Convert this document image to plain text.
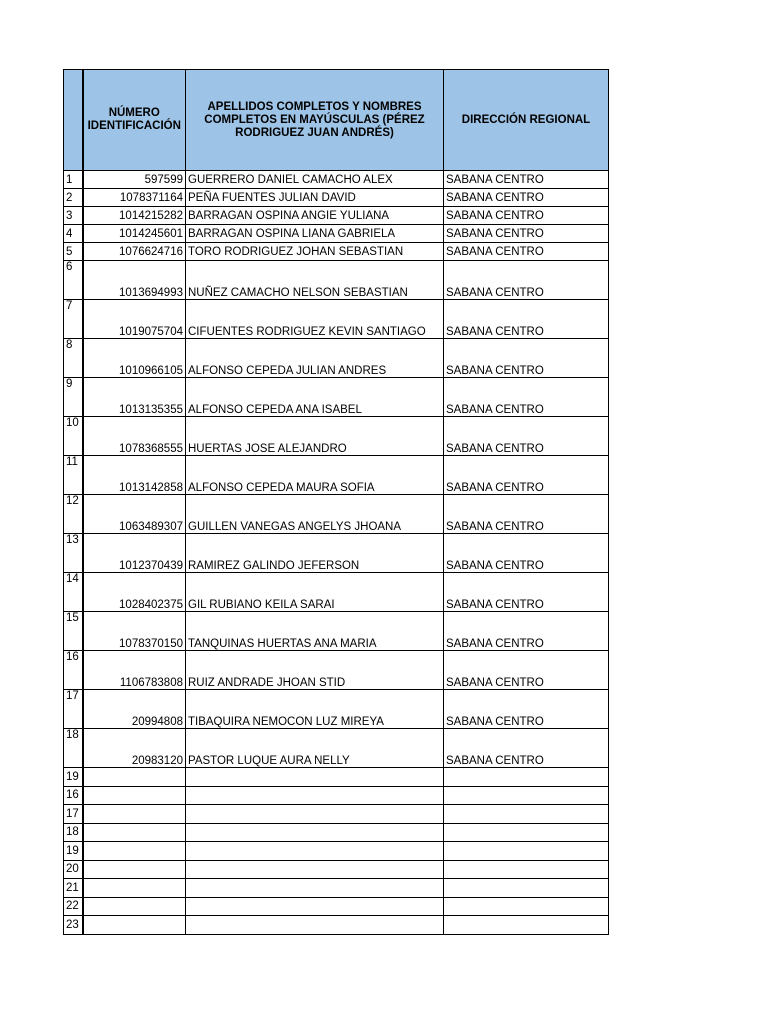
	NÚMERO IDENTIFICACIÓN	APELLIDOS COMPLETOS Y NOMBRES COMPLETOS EN MAYÚSCULAS (PÉREZ RODRIGUEZ JUAN ANDRÉS)	DIRECCIÓN REGIONAL
1	597599	GUERRERO DANIEL CAMACHO ALEX	SABANA CENTRO
2	1078371164	PEÑA FUENTES JULIAN DAVID	SABANA CENTRO
3	1014215282	BARRAGAN OSPINA ANGIE YULIANA	SABANA CENTRO
4	1014245601	BARRAGAN OSPINA LIANA GABRIELA	SABANA CENTRO
5	1076624716	TORO RODRIGUEZ JOHAN SEBASTIAN	SABANA CENTRO
6	1013694993	NUÑEZ CAMACHO NELSON SEBASTIAN	SABANA CENTRO
7	1019075704	CIFUENTES RODRIGUEZ KEVIN SANTIAGO	SABANA CENTRO
8	1010966105	ALFONSO CEPEDA JULIAN ANDRES	SABANA CENTRO
9	1013135355	ALFONSO CEPEDA ANA ISABEL	SABANA CENTRO
10	1078368555	HUERTAS JOSE ALEJANDRO	SABANA CENTRO
11	1013142858	ALFONSO CEPEDA MAURA SOFIA	SABANA CENTRO
12	1063489307	GUILLEN VANEGAS ANGELYS JHOANA	SABANA CENTRO
13	1012370439	RAMIREZ GALINDO JEFERSON	SABANA CENTRO
14	1028402375	GIL RUBIANO KEILA SARAI	SABANA CENTRO
15	1078370150	TANQUINAS HUERTAS ANA MARIA	SABANA CENTRO
16	1106783808	RUIZ ANDRADE JHOAN STID	SABANA CENTRO
17	20994808	TIBAQUIRA NEMOCON LUZ MIREYA	SABANA CENTRO
18	20983120	PASTOR LUQUE AURA NELLY	SABANA CENTRO
19			
16			
17			
18			
19			
20			
21			
22			
23			
